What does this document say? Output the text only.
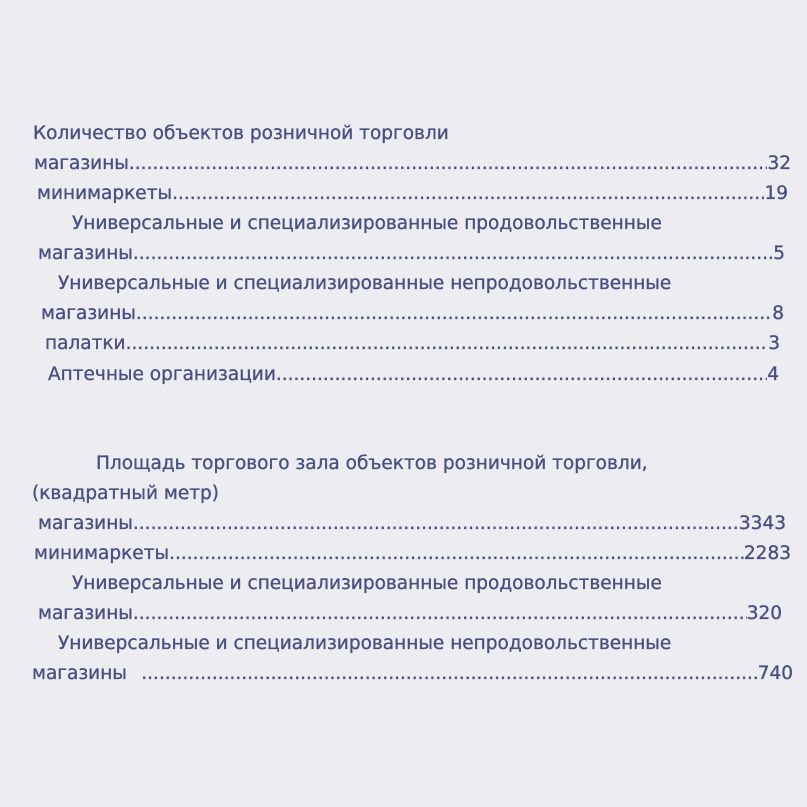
Количество объектов розничной торговли
магазины .....	32
минимаркеты .....	19
Универсальные и специализированные продовольственные
магазины .....	5
Универсальные и специализированные непродовольственные
магазины .....	8
палатки .....	3
Аптечные организации .....	4
Площадь торгового зала объектов розничной торговли,
(квадратный метр)
магазины .....	3343
минимаркеты .....	2283
Универсальные и специализированные продовольственные
магазины .....	320
Универсальные и специализированные непродовольственные
магазины .....	740
